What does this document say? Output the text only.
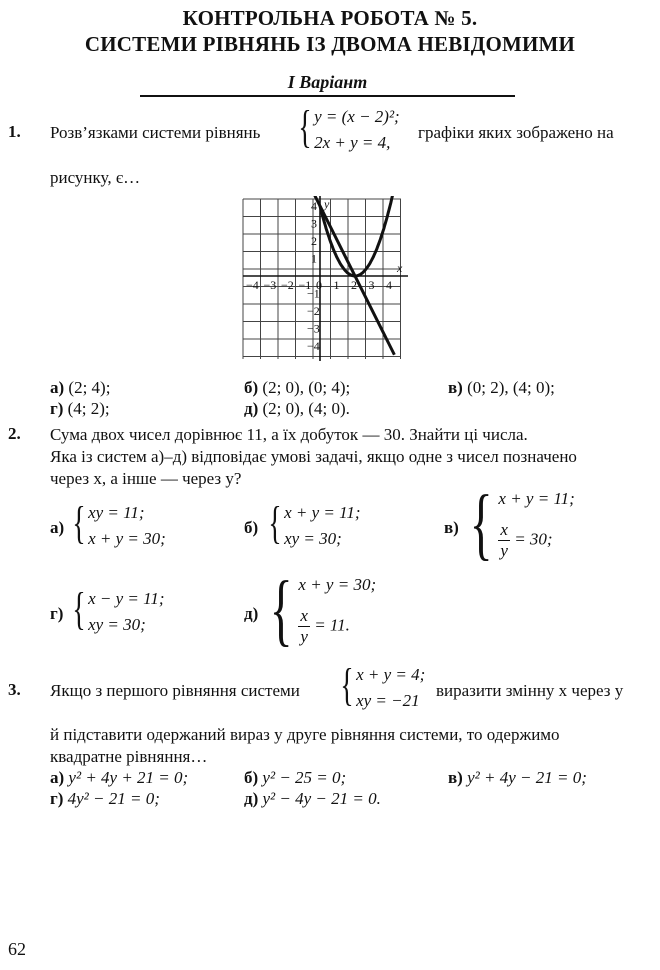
КОНТРОЛЬНА РОБОТА № 5.
СИСТЕМИ РІВНЯНЬ ІЗ ДВОМА НЕВІДОМИМИ
І Варіант
1. Розв’язками системи рівнянь { y = (x − 2)²;
2x + y = 4,
графіки яких зображено на
рисунку, є…
−4 −3 −2 −1 0 1 2 3 4
4
3
2
1
−1
−2
−3
−4
x
y
а) (2; 4);	б) (2; 0), (0; 4);	в) (0; 2), (4; 0);
г) (4; 2);	д) (2; 0), (4; 0).
2. Сума двох чисел дорівнює 11, а їх добуток — 30. Знайти ці числа.
Яка із систем а)–д) відповідає умові задачі, якщо одне з чисел позначено
через x, а інше — через y?
а) { xy = 11;
x + y = 30;
б) { x + y = 11;
xy = 30;
в) { x + y = 11;
$\frac{x}{y} = 30$;
г) { x − y = 11;
xy = 30;
д) { x + y = 30;
$\frac{x}{y} = 11$.
3. Якщо з першого рівняння системи { x + y = 4;
xy = −21
виразити змінну x через y
й підставити одержаний вираз у друге рівняння системи, то одержимо
квадратне рівняння…
а) y² + 4y + 21 = 0;	б) y² − 25 = 0;	в) y² + 4y − 21 = 0;
г) 4y² − 21 = 0;	д) y² − 4y − 21 = 0.
62
